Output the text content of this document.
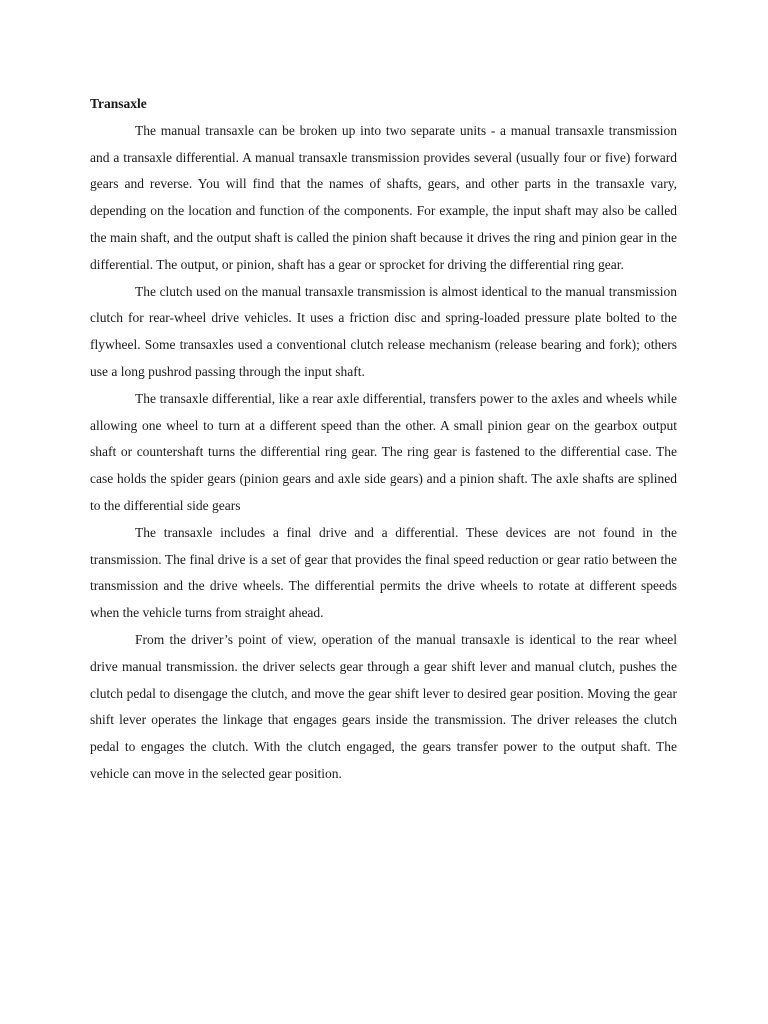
Transaxle

The manual transaxle can be broken up into two separate units - a manual transaxle transmission and a transaxle differential. A manual transaxle transmission provides several (usually four or five) forward gears and reverse. You will find that the names of shafts, gears, and other parts in the transaxle vary, depending on the location and function of the components. For example, the input shaft may also be called the main shaft, and the output shaft is called the pinion shaft because it drives the ring and pinion gear in the differential. The output, or pinion, shaft has a gear or sprocket for driving the differential ring gear.

The clutch used on the manual transaxle transmission is almost identical to the manual transmission clutch for rear-wheel drive vehicles. It uses a friction disc and spring-loaded pressure plate bolted to the flywheel. Some transaxles used a conventional clutch release mechanism (release bearing and fork); others use a long pushrod passing through the input shaft.

The transaxle differential, like a rear axle differential, transfers power to the axles and wheels while allowing one wheel to turn at a different speed than the other. A small pinion gear on the gearbox output shaft or countershaft turns the differential ring gear. The ring gear is fastened to the differential case. The case holds the spider gears (pinion gears and axle side gears) and a pinion shaft. The axle shafts are splined to the differential side gears

The transaxle includes a final drive and a differential. These devices are not found in the transmission. The final drive is a set of gear that provides the final speed reduction or gear ratio between the transmission and the drive wheels. The differential permits the drive wheels to rotate at different speeds when the vehicle turns from straight ahead.

From the driver’s point of view, operation of the manual transaxle is identical to the rear wheel drive manual transmission. the driver selects gear through a gear shift lever and manual clutch, pushes the clutch pedal to disengage the clutch, and move the gear shift lever to desired gear position. Moving the gear shift lever operates the linkage that engages gears inside the transmission. The driver releases the clutch pedal to engages the clutch. With the clutch engaged, the gears transfer power to the output shaft. The vehicle can move in the selected gear position.
